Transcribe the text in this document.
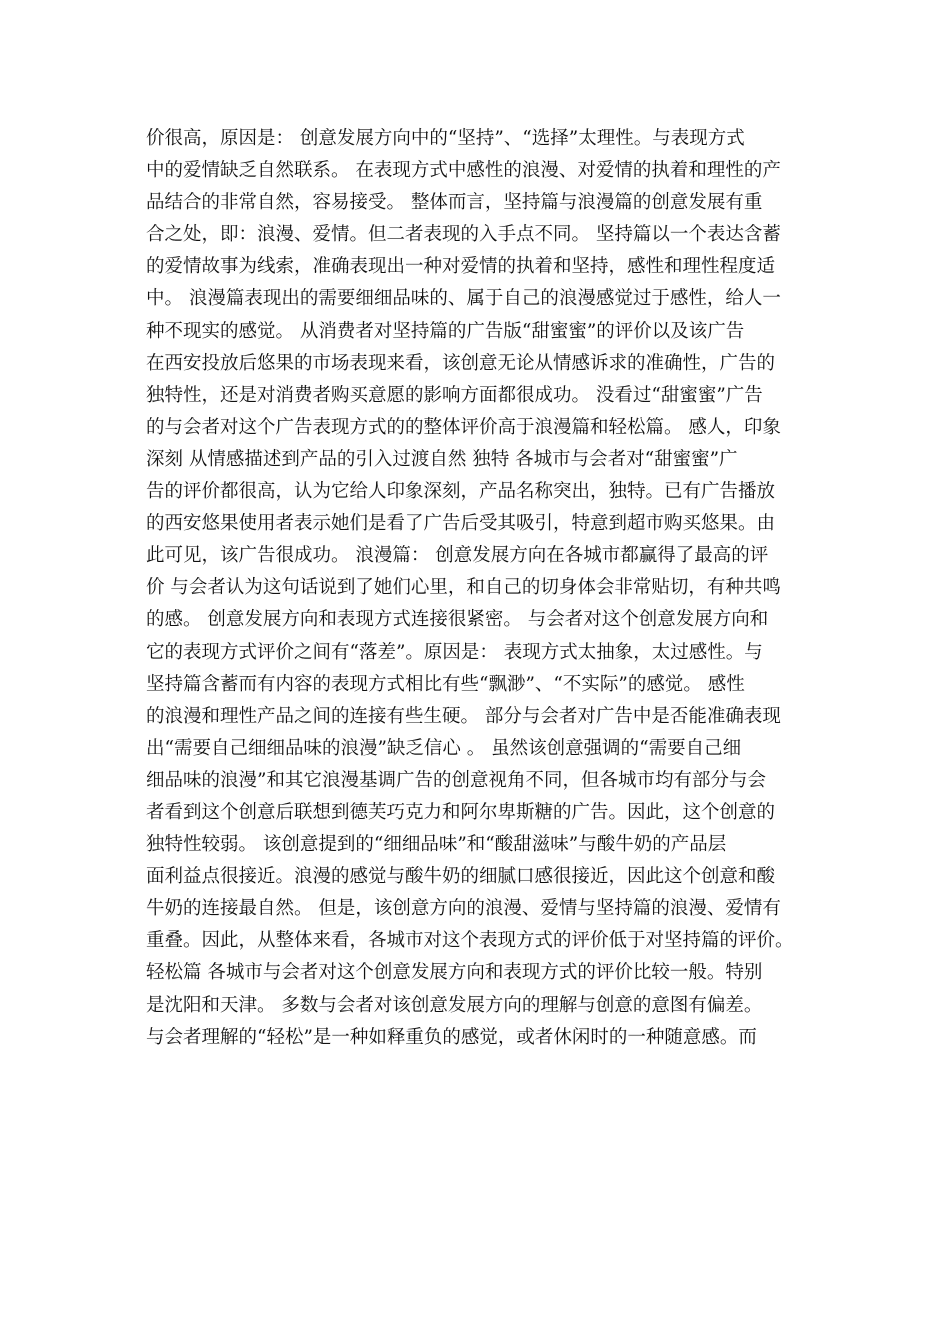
价很高，原因是： 创意发展方向中的“坚持”、“选择”太理性。与表现方式
中的爱情缺乏自然联系。 在表现方式中感性的浪漫、对爱情的执着和理性的产
品结合的非常自然，容易接受。 整体而言，坚持篇与浪漫篇的创意发展有重
合之处，即：浪漫、爱情。但二者表现的入手点不同。 坚持篇以一个表达含蓄
的爱情故事为线索，准确表现出一种对爱情的执着和坚持，感性和理性程度适
中。 浪漫篇表现出的需要细细品味的、属于自己的浪漫感觉过于感性，给人一
种不现实的感觉。 从消费者对坚持篇的广告版“甜蜜蜜”的评价以及该广告
在西安投放后悠果的市场表现来看，该创意无论从情感诉求的准确性，广告的
独特性，还是对消费者购买意愿的影响方面都很成功。 没看过“甜蜜蜜”广告
的与会者对这个广告表现方式的的整体评价高于浪漫篇和轻松篇。 感人，印象
深刻 从情感描述到产品的引入过渡自然 独特 各城市与会者对“甜蜜蜜”广
告的评价都很高，认为它给人印象深刻，产品名称突出，独特。已有广告播放
的西安悠果使用者表示她们是看了广告后受其吸引，特意到超市购买悠果。由
此可见，该广告很成功。 浪漫篇： 创意发展方向在各城市都赢得了最高的评
价 与会者认为这句话说到了她们心里，和自己的切身体会非常贴切，有种共鸣
的感。 创意发展方向和表现方式连接很紧密。 与会者对这个创意发展方向和
它的表现方式评价之间有“落差”。原因是： 表现方式太抽象，太过感性。与
坚持篇含蓄而有内容的表现方式相比有些“飘渺”、“不实际”的感觉。 感性
的浪漫和理性产品之间的连接有些生硬。 部分与会者对广告中是否能准确表现
出“需要自己细细品味的浪漫”缺乏信心 。 虽然该创意强调的“需要自己细
细品味的浪漫”和其它浪漫基调广告的创意视角不同，但各城市均有部分与会
者看到这个创意后联想到德芙巧克力和阿尔卑斯糖的广告。因此，这个创意的
独特性较弱。 该创意提到的“细细品味”和“酸甜滋味”与酸牛奶的产品层
面利益点很接近。浪漫的感觉与酸牛奶的细腻口感很接近，因此这个创意和酸
牛奶的连接最自然。 但是，该创意方向的浪漫、爱情与坚持篇的浪漫、爱情有
重叠。因此，从整体来看，各城市对这个表现方式的评价低于对坚持篇的评价。
轻松篇 各城市与会者对这个创意发展方向和表现方式的评价比较一般。特别
是沈阳和天津。 多数与会者对该创意发展方向的理解与创意的意图有偏差。
与会者理解的“轻松”是一种如释重负的感觉，或者休闲时的一种随意感。而
